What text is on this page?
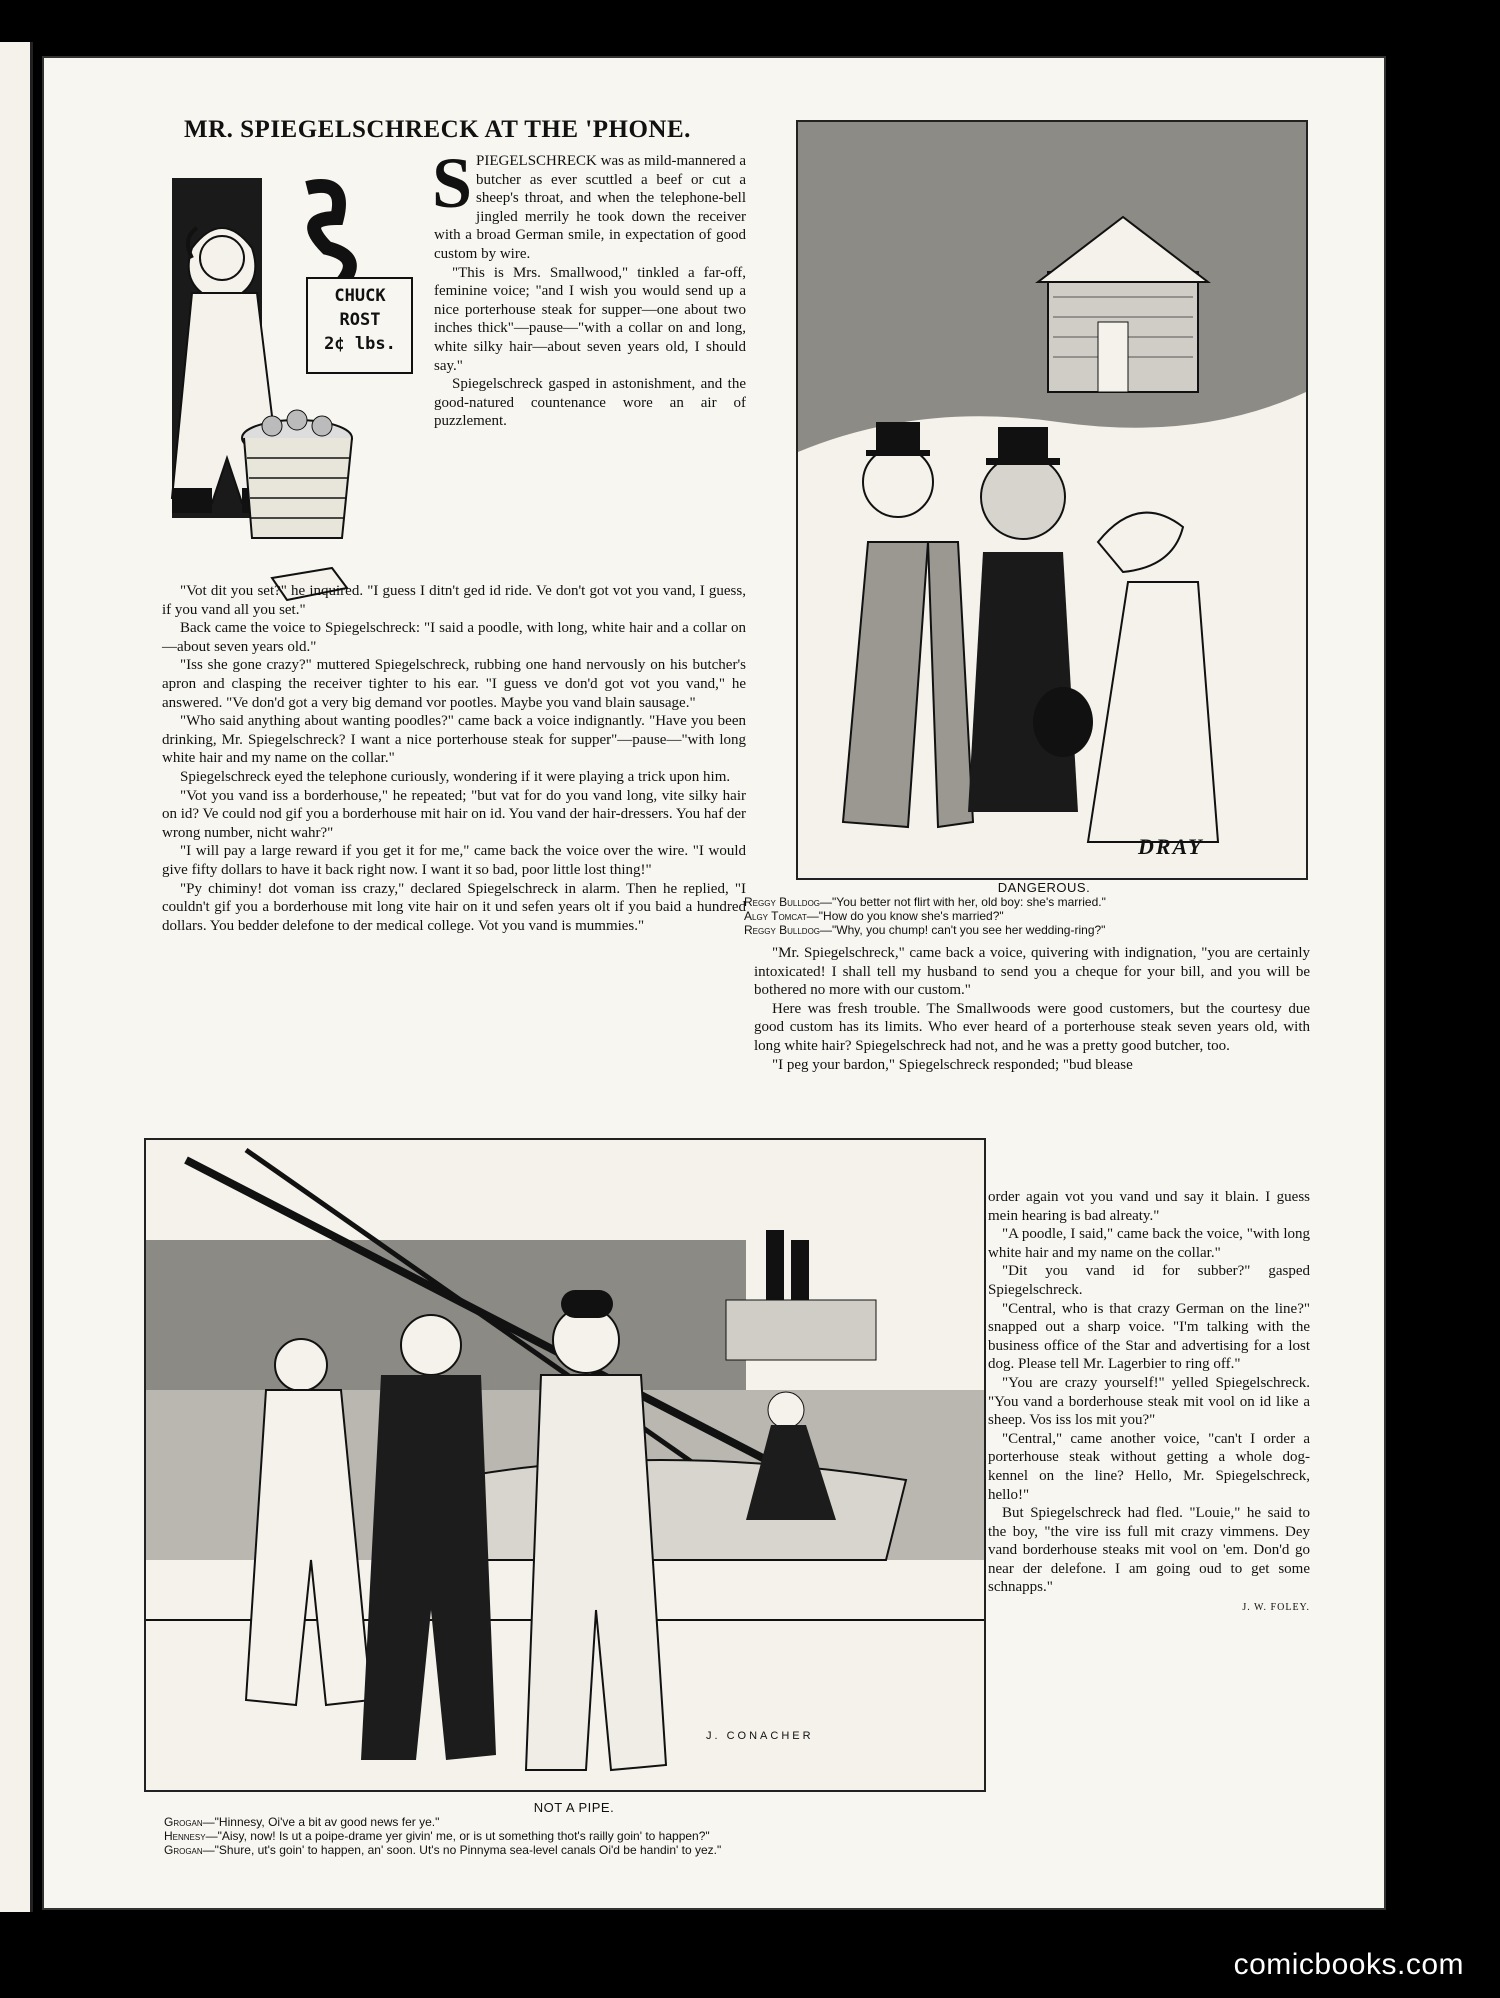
MR. SPIEGELSCHRECK AT THE 'PHONE.
CHUCK
ROST
2¢ lbs.

SPIEGELSCHRECK was as mild-mannered a butcher as ever scuttled a beef or cut a sheep's throat, and when the telephone-bell jingled merrily he took down the receiver with a broad German smile, in expectation of good custom by wire.

"This is Mrs. Smallwood," tinkled a far-off, feminine voice; "and I wish you would send up a nice porterhouse steak for supper—one about two inches thick"—pause—"with a collar on and long, white silky hair—about seven years old, I should say."

Spiegelschreck gasped in astonishment, and the good-natured countenance wore an air of puzzlement.

"Vot dit you set?" he inquired. "I guess I ditn't ged id ride. Ve don't got vot you vand, I guess, if you vand all you set."

Back came the voice to Spiegelschreck: "I said a poodle, with long, white hair and a collar on—about seven years old."

"Iss she gone crazy?" muttered Spiegelschreck, rubbing one hand nervously on his butcher's apron and clasping the receiver tighter to his ear. "I guess ve don'd got vot you vand," he answered. "Ve don'd got a very big demand vor pootles. Maybe you vand blain sausage."

"Who said anything about wanting poodles?" came back a voice indignantly. "Have you been drinking, Mr. Spiegelschreck? I want a nice porterhouse steak for supper"—pause—"with long white hair and my name on the collar."

Spiegelschreck eyed the telephone curiously, wondering if it were playing a trick upon him.

"Vot you vand iss a borderhouse," he repeated; "but vat for do you vand long, vite silky hair on id? Ve could nod gif you a borderhouse mit hair on id. You vand der hair-dressers. You haf der wrong number, nicht wahr?"

"I will pay a large reward if you get it for me," came back the voice over the wire. "I would give fifty dollars to have it back right now. I want it so bad, poor little lost thing!"

"Py chiminy! dot voman iss crazy," declared Spiegelschreck in alarm. Then he replied, "I couldn't gif you a borderhouse mit long vite hair on it und sefen years olt if you baid a hundred dollars. You bedder delefone to der medical college. Vot you vand is mummies."

DRAY
DANGEROUS.
Reggy Bulldog—"You better not flirt with her, old boy: she's married."
Algy Tomcat—"How do you know she's married?"
Reggy Bulldog—"Why, you chump! can't you see her wedding-ring?"

"Mr. Spiegelschreck," came back a voice, quivering with indignation, "you are certainly intoxicated! I shall tell my husband to send you a cheque for your bill, and you will be bothered no more with our custom."

Here was fresh trouble. The Smallwoods were good customers, but the courtesy due good custom has its limits. Who ever heard of a porterhouse steak seven years old, with long white hair? Spiegelschreck had not, and he was a pretty good butcher, too.

"I peg your bardon," Spiegelschreck responded; "bud blease

order again vot you vand und say it blain. I guess mein hearing is bad alreaty."

"A poodle, I said," came back the voice, "with long white hair and my name on the collar."

"Dit you vand id for subber?" gasped Spiegelschreck.

"Central, who is that crazy German on the line?" snapped out a sharp voice. "I'm talking with the business office of the Star and advertising for a lost dog. Please tell Mr. Lagerbier to ring off."

"You are crazy yourself!" yelled Spiegelschreck. "You vand a borderhouse steak mit vool on id like a sheep. Vos iss los mit you?"

"Central," came another voice, "can't I order a porterhouse steak without getting a whole dog-kennel on the line? Hello, Mr. Spiegelschreck, hello!"

But Spiegelschreck had fled. "Louie," he said to the boy, "the vire iss full mit crazy vimmens. Dey vand borderhouse steaks mit vool on 'em. Don'd go near der delefone. I am going oud to get some schnapps."

J. W. FOLEY.
J. CONACHER
NOT A PIPE.
Grogan—"Hinnesy, Oi've a bit av good news fer ye."
Hennesy—"Aisy, now! Is ut a poipe-drame yer givin' me, or is ut something thot's railly goin' to happen?"
Grogan—"Shure, ut's goin' to happen, an' soon. Ut's no Pinnyma sea-level canals Oi'd be handin' to yez."
comicbooks.com
